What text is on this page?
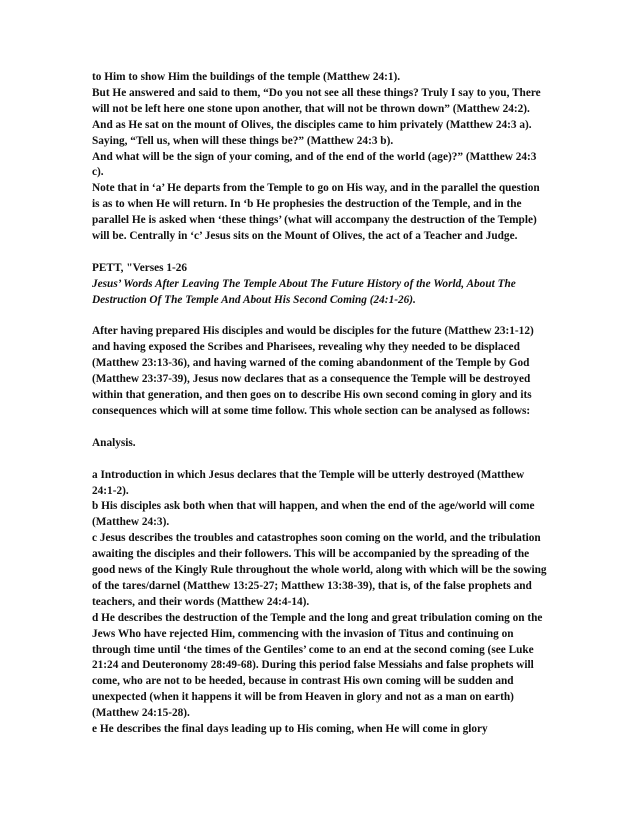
to Him to show Him the buildings of the temple (Matthew 24:1).

But He answered and said to them, “Do you not see all these things? Truly I say to you, There will not be left here one stone upon another, that will not be thrown down” (Matthew 24:2).

And as He sat on the mount of Olives, the disciples came to him privately (Matthew 24:3 a).

Saying, “Tell us, when will these things be?” (Matthew 24:3 b).

And what will be the sign of your coming, and of the end of the world (age)?” (Matthew 24:3 c).

Note that in ‘a’ He departs from the Temple to go on His way, and in the parallel the question is as to when He will return. In ‘b He prophesies the destruction of the Temple, and in the parallel He is asked when ‘these things’ (what will accompany the destruction of the Temple) will be. Centrally in ‘c’ Jesus sits on the Mount of Olives, the act of a Teacher and Judge.

PETT, "Verses 1-26

Jesus’ Words After Leaving The Temple About The Future History of the World, About The Destruction Of The Temple And About His Second Coming (24:1-26).

After having prepared His disciples and would be disciples for the future (Matthew 23:1-12) and having exposed the Scribes and Pharisees, revealing why they needed to be displaced (Matthew 23:13-36), and having warned of the coming abandonment of the Temple by God (Matthew 23:37-39), Jesus now declares that as a consequence the Temple will be destroyed within that generation, and then goes on to describe His own second coming in glory and its consequences which will at some time follow. This whole section can be analysed as follows:

Analysis.

a Introduction in which Jesus declares that the Temple will be utterly destroyed (Matthew 24:1-2).

b His disciples ask both when that will happen, and when the end of the age/world will come (Matthew 24:3).

c Jesus describes the troubles and catastrophes soon coming on the world, and the tribulation awaiting the disciples and their followers. This will be accompanied by the spreading of the good news of the Kingly Rule throughout the whole world, along with which will be the sowing of the tares/darnel (Matthew 13:25-27; Matthew 13:38-39), that is, of the false prophets and teachers, and their words (Matthew 24:4-14).

d He describes the destruction of the Temple and the long and great tribulation coming on the Jews Who have rejected Him, commencing with the invasion of Titus and continuing on through time until ‘the times of the Gentiles’ come to an end at the second coming (see Luke 21:24 and Deuteronomy 28:49-68). During this period false Messiahs and false prophets will come, who are not to be heeded, because in contrast His own coming will be sudden and unexpected (when it happens it will be from Heaven in glory and not as a man on earth) (Matthew 24:15-28).

e He describes the final days leading up to His coming, when He will come in glory
